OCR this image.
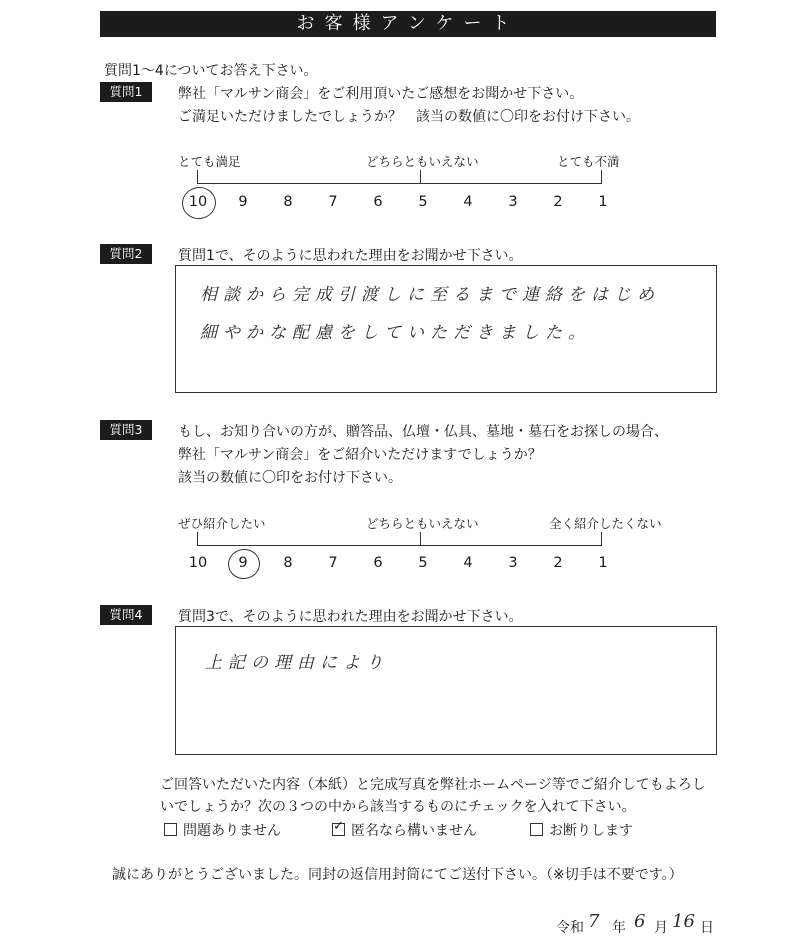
お客様アンケート
質問1～4についてお答え下さい。
質問1	弊社「マルサン商会」をご利用頂いたご感想をお聞かせ下さい。
ご満足いただけましたでしょうか？　該当の数値に〇印をお付け下さい。
とても満足	どちらともいえない	とても不満
10	9	8	7	6	5	4	3	2	1
質問2	質問1で、そのように思われた理由をお聞かせ下さい。
相談から完成引渡しに至るまで連絡をはじめ
細やかな配慮をしていただきました。
質問3	もし、お知り合いの方が、贈答品、仏壇・仏具、墓地・墓石をお探しの場合、
弊社「マルサン商会」をご紹介いただけますでしょうか？
該当の数値に〇印をお付け下さい。
ぜひ紹介したい	どちらともいえない	全く紹介したくない
10	9	8	7	6	5	4	3	2	1
質問4	質問3で、そのように思われた理由をお聞かせ下さい。
上記の理由により
ご回答いただいた内容（本紙）と完成写真を弊社ホームページ等でご紹介してもよろし
いでしょうか？次の３つの中から該当するものにチェックを入れて下さい。
問題ありません	✓ 匿名なら構いません	お断りします
誠にありがとうございました。同封の返信用封筒にてご送付下さい。（※切手は不要です。）
令和 7 年 6 月 16 日
